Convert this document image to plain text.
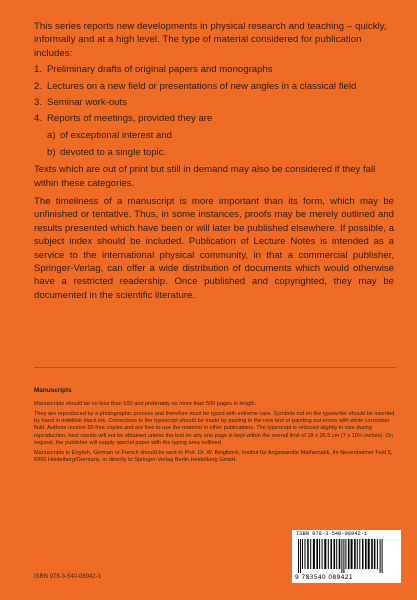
This series reports new developments in physical research and teaching – quickly, informally and at a high level. The type of material considered for publication includes:

1. Preliminary drafts of original papers and monographs
2. Lectures on a new field or presentations of new angles in a classical field
3. Seminar work-outs
4. Reports of meetings, provided they are
a) of exceptional interest and
b) devoted to a single topic.

Texts which are out of print but still in demand may also be considered if they fall within these categories.

The timeliness of a manuscript is more important than its form, which may be unfinished or tentative. Thus, in some instances, proofs may be merely outlined and results presented which have been or will later be published elsewhere. If possible, a subject index should be included. Publication of Lecture Notes is intended as a service to the international physical community, in that a commercial publisher, Springer-Verlag, can offer a wide distribution of documents which would otherwise have a restricted readership. Once published and copyrighted, they may be documented in the scientific literature.

Manuscripts

Manuscripts should be no less than 100 and preferably no more than 500 pages in length.

They are reproduced by a photographic process and therefore must be typed with extreme care. Symbols not on the typewriter should be inserted by hand in indelible black ink. Corrections to the typescript should be made by pasting in the new text or painting out errors with white correction fluid. Authors receive 50 free copies and are free to use the material in other publications. The typescript is reduced slightly in size during reproduction; best results will not be obtained unless the text on any one page is kept within the overall limit of 18 x 26.5 cm (7 x 10½ inches). On request, the publisher will supply special paper with the typing area outlined.

Manuscripts in English, German or French should be sent to Prof. Dr. W. Beiglböck, Institut für Angewandte Mathematik, Im Neuenheimer Feld 5, 6900 Heidelberg/Germany, or directly to Springer-Verlag Berlin Heidelberg GmbH.

ISBN 978-3-540-08942-1
9 783540 089421
ISBN 978-3-540-08942-1
